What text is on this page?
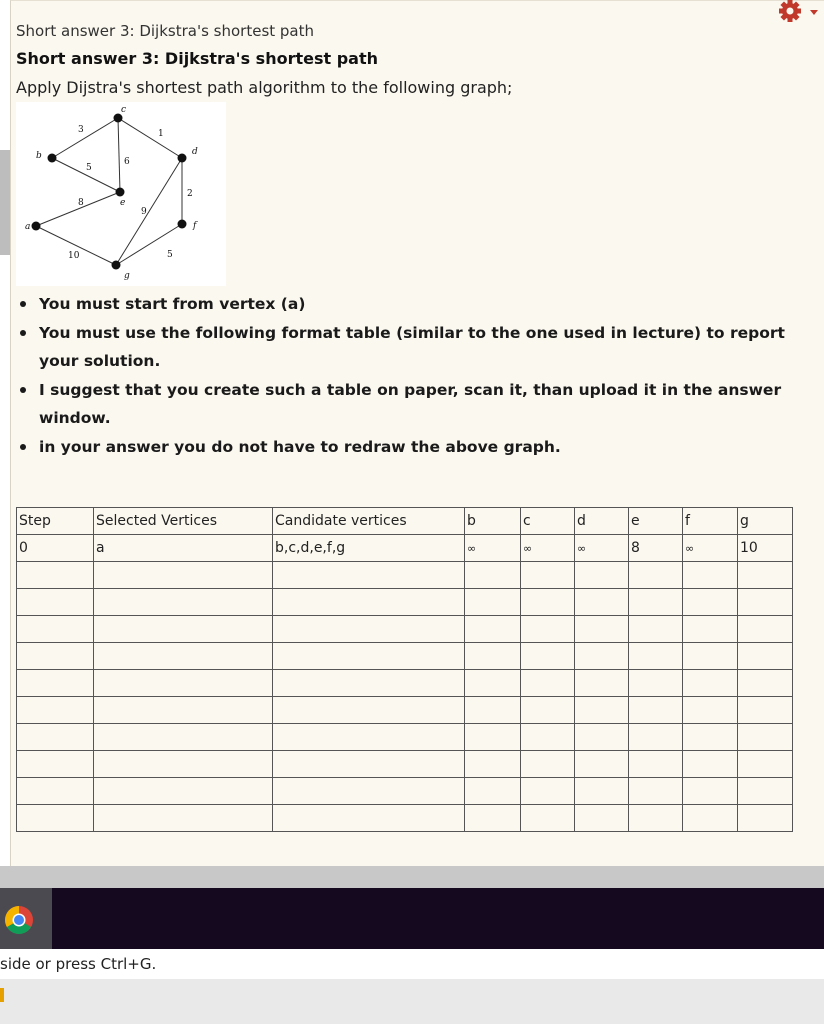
Short answer 3: Dijkstra's shortest path
Short answer 3: Dijkstra's shortest path
Apply Dijstra's shortest path algorithm to the following graph;
a
b
c
d
e
f
g
3	1
6
5
8
2
9
5
10
You must start from vertex (a)
You must use the following format table (similar to the one used in lecture) to report your solution.
I suggest that you create such a table on paper, scan it, than upload it in the answer window.
in your answer you do not have to redraw the above graph.
Step	Selected Vertices	Candidate vertices	b	c	d	e	f	g
0	a	b,c,d,e,f,g	∞	∞	∞	8	∞	10

side or press Ctrl+G.
